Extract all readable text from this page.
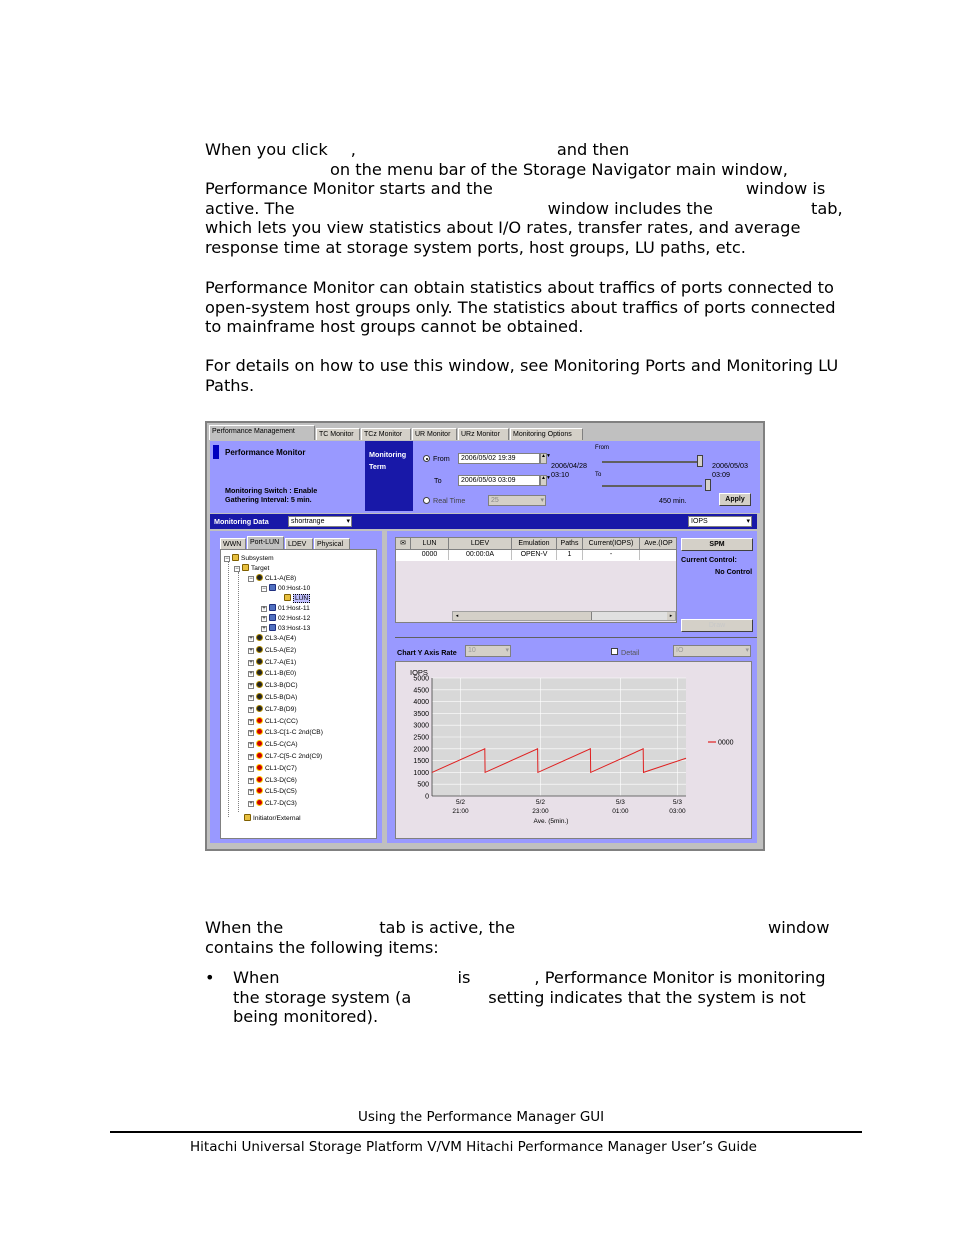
When you click ,	and then
on the menu bar of the Storage Navigator main window,
Performance Monitor starts and the	window is
active. The	window includes the	tab,
which lets you view statistics about I/O rates, transfer rates, and average
response time at storage system ports, host groups, LU paths, etc.
Performance Monitor can obtain statistics about traffics of ports connected to
open-system host groups only. The statistics about traffics of ports connected
to mainframe host groups cannot be obtained.
For details on how to use this window, see Monitoring Ports and Monitoring LU
Paths.
Performance Management	TC Monitor	TCz Monitor	UR Monitor	URz Monitor	Monitoring Options
Performance Monitor
Monitoring Switch : Enable
Gathering Interval: 5 min.
Monitoring
Term
From	2006/05/02 19:39	▲▼
To	2006/05/03 03:09	▲▼
Real Time	25	▾
From
To
2006/04/28
03:10
2006/05/03
03:09
450 min.	Apply
Monitoring Data	shortrange	▾	IOPS	▾
WWN	Port-LUN	LDEV	Physical
− Subsystem
− Target
− CL1-A(E8)
− 00:Host-10
LUN
+ 01:Host-11
+ 02:Host-12
+ 03:Host-13
+ CL3-A(E4)
+ CL5-A(E2)
+ CL7-A(E1)
+ CL1-B(E0)
+ CL3-B(DC)
+ CL5-B(DA)
+ CL7-B(D9)
+ CL1-C(CC)
+ CL3-C[1-C 2nd(CB)
+ CL5-C(CA)
+ CL7-C[5-C 2nd(C9)
+ CL1-D(C7)
+ CL3-D(C6)
+ CL5-D(C5)
+ CL7-D(C3)
Initiator/External
✉	LUN	LDEV	Emulation	Paths	Current(IOPS)	Ave.(IOP
0000	00:00:0A	OPEN-V	1	-
◂	▸
SPM
Current Control:
No Control
Draw
Chart Y Axis Rate	10	▾	Detail	IO	▾
5000
4500
4000
3500
3000
2500
2000
1500
1000
500
0
5/2
21:00
5/2
23:00
5/3
01:00
5/3
03:00
IOPS
Ave. (5min.)
0000
When the	tab is active, the	window
contains the following items:
• When	is	, Performance Monitor is monitoring
the storage system (a	setting indicates that the system is not
being monitored).
Using the Performance Manager GUI
Hitachi Universal Storage Platform V/VM Hitachi Performance Manager User’s Guide
